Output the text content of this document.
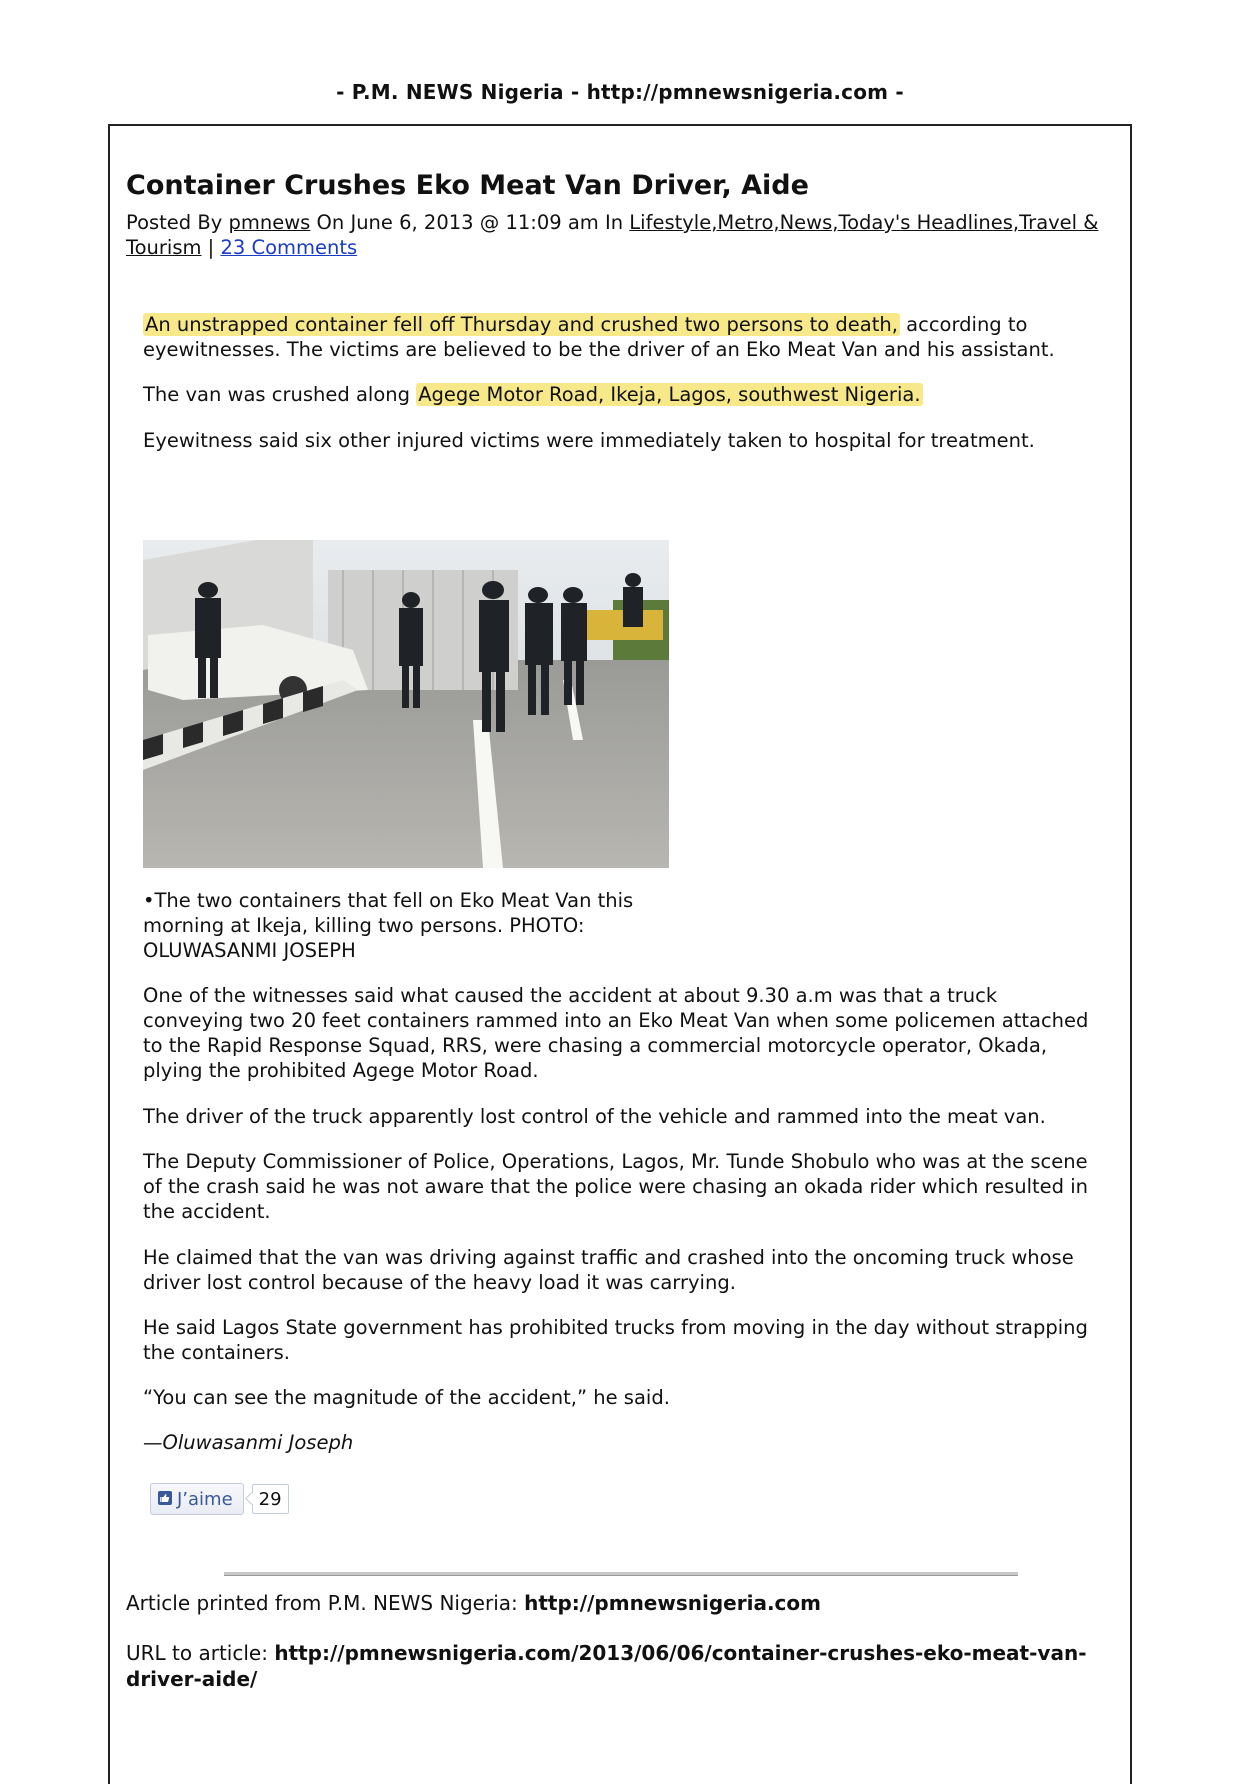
- P.M. NEWS Nigeria - http://pmnewsnigeria.com -
Container Crushes Eko Meat Van Driver, Aide
Posted By pmnews On June 6, 2013 @ 11:09 am In Lifestyle,Metro,News,Today's Headlines,Travel & Tourism | 23 Comments

An unstrapped container fell off Thursday and crushed two persons to death, according to eyewitnesses. The victims are believed to be the driver of an Eko Meat Van and his assistant.

The van was crushed along Agege Motor Road, Ikeja, Lagos, southwest Nigeria.

Eyewitness said six other injured victims were immediately taken to hospital for treatment.

•The two containers that fell on Eko Meat Van this morning at Ikeja, killing two persons. PHOTO: OLUWASANMI JOSEPH

One of the witnesses said what caused the accident at about 9.30 a.m was that a truck conveying two 20 feet containers rammed into an Eko Meat Van when some policemen attached to the Rapid Response Squad, RRS, were chasing a commercial motorcycle operator, Okada, plying the prohibited Agege Motor Road.

The driver of the truck apparently lost control of the vehicle and rammed into the meat van.

The Deputy Commissioner of Police, Operations, Lagos, Mr. Tunde Shobulo who was at the scene of the crash said he was not aware that the police were chasing an okada rider which resulted in the accident.

He claimed that the van was driving against traffic and crashed into the oncoming truck whose driver lost control because of the heavy load it was carrying.

He said Lagos State government has prohibited trucks from moving in the day without strapping the containers.

“You can see the magnitude of the accident,” he said.

—Oluwasanmi Joseph

J’aime	29

Article printed from P.M. NEWS Nigeria: http://pmnewsnigeria.com

URL to article: http://pmnewsnigeria.com/2013/06/06/container-crushes-eko-meat-van-driver-aide/
